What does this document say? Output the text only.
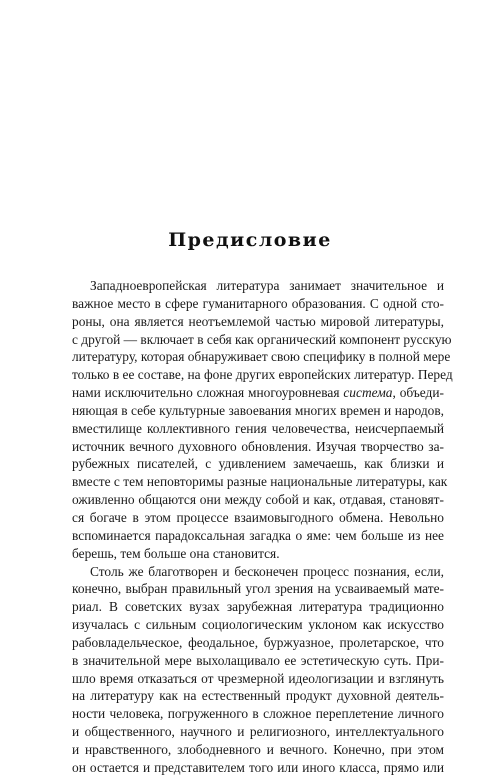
Предисловие
Западноевропейская литература занимает значительное и
важное место в сфере гуманитарного образования. С одной сто-
роны, она является неотъемлемой частью мировой литературы,
с другой — включает в себя как органический компонент русскую
литературу, которая обнаруживает свою специфику в полной мере
только в ее составе, на фоне других европейских литератур. Перед
нами исключительно сложная многоуровневая система, объеди-
няющая в себе культурные завоевания многих времен и народов,
вместилище коллективного гения человечества, неисчерпаемый
источник вечного духовного обновления. Изучая творчество за-
рубежных писателей, с удивлением замечаешь, как близки и
вместе с тем неповторимы разные национальные литературы, как
оживленно общаются они между собой и как, отдавая, становят-
ся богаче в этом процессе взаимовыгодного обмена. Невольно
вспоминается парадоксальная загадка о яме: чем больше из нее
берешь, тем больше она становится.
Столь же благотворен и бесконечен процесс познания, если,
конечно, выбран правильный угол зрения на усваиваемый мате-
риал. В советских вузах зарубежная литература традиционно
изучалась с сильным социологическим уклоном как искусство
рабовладельческое, феодальное, буржуазное, пролетарское, что
в значительной мере выхолащивало ее эстетическую суть. При-
шло время отказаться от чрезмерной идеологизации и взглянуть
на литературу как на естественный продукт духовной деятель-
ности человека, погруженного в сложное переплетение личного
и общественного, научного и религиозного, интеллектуального
и нравственного, злободневного и вечного. Конечно, при этом
он остается и представителем того или иного класса, прямо или
